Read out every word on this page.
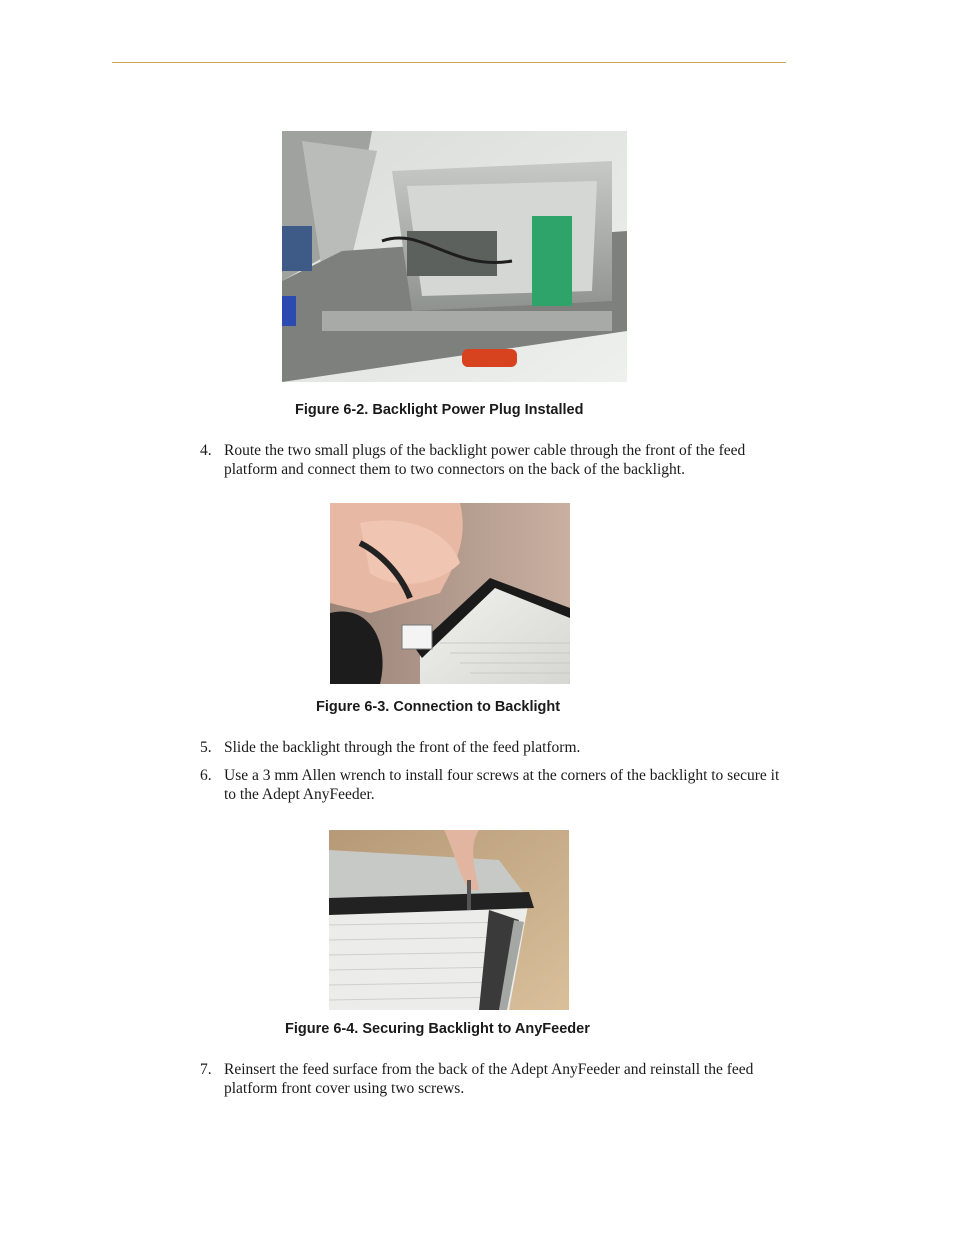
Figure 6-2. Backlight Power Plug Installed
4. Route the two small plugs of the backlight power cable through the front of the feed platform and connect them to two connectors on the back of the backlight.
Figure 6-3. Connection to Backlight
5. Slide the backlight through the front of the feed platform.
6. Use a 3 mm Allen wrench to install four screws at the corners of the backlight to secure it to the Adept AnyFeeder.
Figure 6-4. Securing Backlight to AnyFeeder
7. Reinsert the feed surface from the back of the Adept AnyFeeder and reinstall the feed platform front cover using two screws.
